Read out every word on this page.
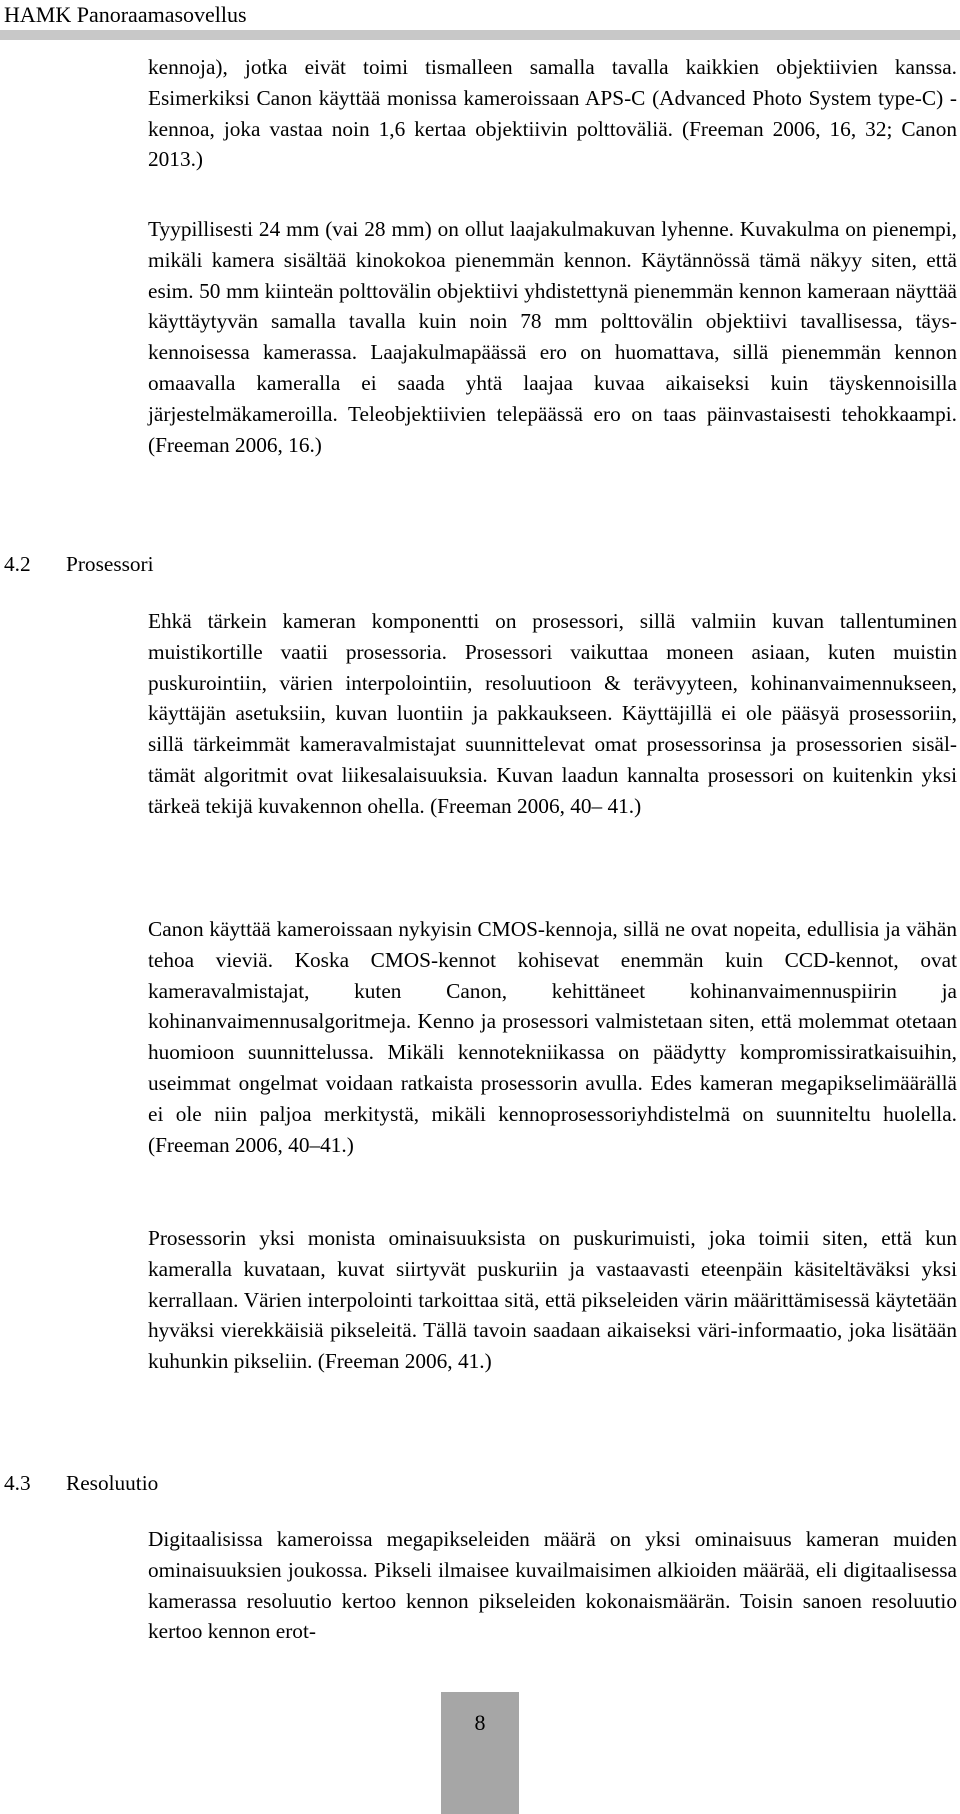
HAMK Panoraamasovellus

kennoja), jotka eivät toimi tismalleen samalla tavalla kaikkien objektiivien kanssa. Esimerkiksi Canon käyttää monissa kameroissaan APS-C (Advanced Photo System type-C) -kennoa, joka vastaa noin 1,6 kertaa objektiivin polttoväliä. (Freeman 2006, 16, 32; Canon 2013.)

Tyypillisesti 24 mm (vai 28 mm) on ollut laajakulmakuvan lyhenne. Kuvakulma on pienempi, mikäli kamera sisältää kinokokoa pienemmän kennon. Käytännössä tämä näkyy siten, että esim. 50 mm kiinteän polttovälin objektiivi yhdistettynä pienemmän kennon kameraan näyttää käyttäytyvän samalla tavalla kuin noin 78 mm polttovälin objektiivi tavallisessa, täyskennoisessa kamerassa. Laajakulmapäässä ero on huomattava, sillä pienemmän kennon omaavalla kameralla ei saada yhtä laajaa kuvaa aikaiseksi kuin täyskennoisilla järjestelmäkameroilla. Teleobjektiivien telepäässä ero on taas päinvastaisesti tehokkaampi. (Freeman 2006, 16.)

4.2 Prosessori

Ehkä tärkein kameran komponentti on prosessori, sillä valmiin kuvan tallentuminen muistikortille vaatii prosessoria. Prosessori vaikuttaa moneen asiaan, kuten muistin puskurointiin, värien interpolointiin, resoluutioon & terävyyteen, kohinanvaimennukseen, käyttäjän asetuksiin, kuvan luontiin ja pakkaukseen. Käyttäjillä ei ole pääsyä prosessoriin, sillä tärkeimmät kameravalmistajat suunnittelevat omat prosessorinsa ja prosessorien sisältämät algoritmit ovat liikesalaisuuksia. Kuvan laadun kannalta prosessori on kuitenkin yksi tärkeä tekijä kuvakennon ohella. (Freeman 2006, 40– 41.)

Canon käyttää kameroissaan nykyisin CMOS-kennoja, sillä ne ovat nopeita, edullisia ja vähän tehoa vieviä. Koska CMOS-kennot kohisevat enemmän kuin CCD-kennot, ovat kameravalmistajat, kuten Canon, kehittäneet kohinanvaimennuspiirin ja kohinanvaimennusalgoritmeja. Kenno ja prosessori valmistetaan siten, että molemmat otetaan huomioon suunnittelussa. Mikäli kennotekniikassa on päädytty kompromissiratkaisuihin, useimmat ongelmat voidaan ratkaista prosessorin avulla. Edes kameran megapikselimäärällä ei ole niin paljoa merkitystä, mikäli kennoprosessoriyhdistelmä on suunniteltu huolella. (Freeman 2006, 40–41.)

Prosessorin yksi monista ominaisuuksista on puskurimuisti, joka toimii siten, että kun kameralla kuvataan, kuvat siirtyvät puskuriin ja vastaavasti eteenpäin käsiteltäväksi yksi kerrallaan. Värien interpolointi tarkoittaa sitä, että pikseleiden värin määrittämisessä käytetään hyväksi vierekkäisiä pikseleitä. Tällä tavoin saadaan aikaiseksi väri-informaatio, joka lisätään kuhunkin pikseliin. (Freeman 2006, 41.)

4.3 Resoluutio

Digitaalisissa kameroissa megapikseleiden määrä on yksi ominaisuus kameran muiden ominaisuuksien joukossa. Pikseli ilmaisee kuvailmaisimen alkioiden määrää, eli digitaalisessa kamerassa resoluutio kertoo kennon pikseleiden kokonaismäärän. Toisin sanoen resoluutio kertoo kennon erot-

8
